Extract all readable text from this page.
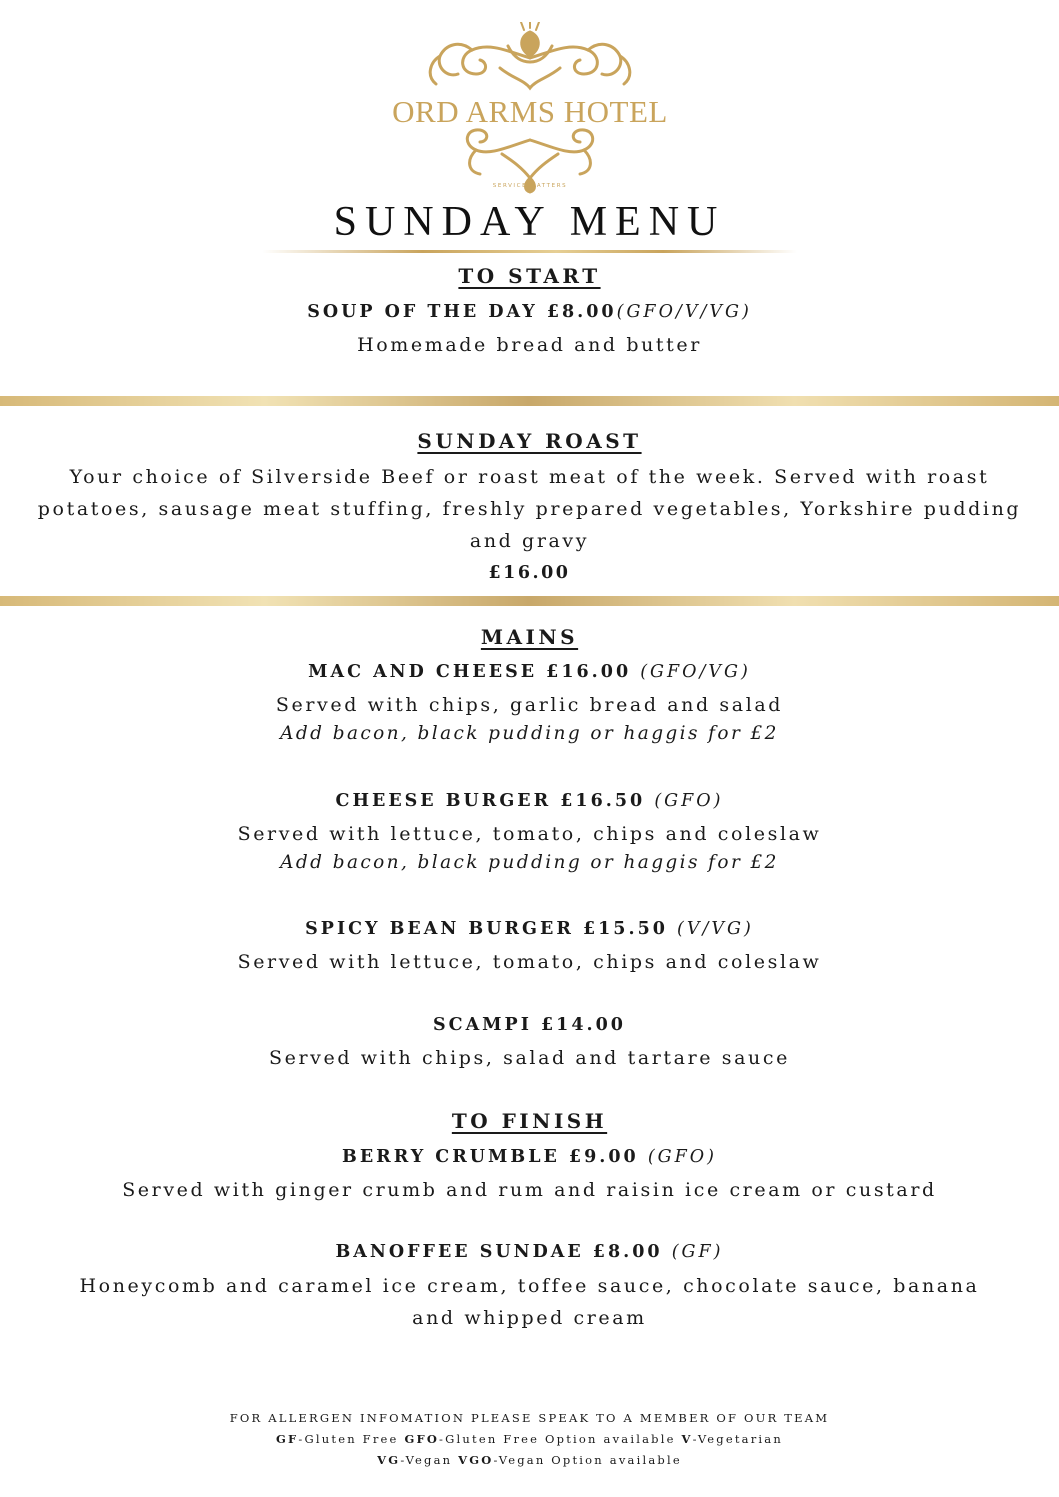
ORD ARMS HOTEL
SERVICE MATTERS
SUNDAY MENU
TO START
SOUP OF THE DAY £8.00(GFO/V/VG)
Homemade bread and butter
SUNDAY ROAST
Your choice of Silverside Beef or roast meat of the week. Served with roast
potatoes, sausage meat stuffing, freshly prepared vegetables, Yorkshire pudding
and gravy
£16.00
MAINS
MAC AND CHEESE £16.00 (GFO/VG)
Served with chips, garlic bread and salad
Add bacon, black pudding or haggis for £2
CHEESE BURGER £16.50 (GFO)
Served with lettuce, tomato, chips and coleslaw
Add bacon, black pudding or haggis for £2
SPICY BEAN BURGER £15.50 (V/VG)
Served with lettuce, tomato, chips and coleslaw
SCAMPI £14.00
Served with chips, salad and tartare sauce
TO FINISH
BERRY CRUMBLE £9.00 (GFO)
Served with ginger crumb and rum and raisin ice cream or custard
BANOFFEE SUNDAE £8.00 (GF)
Honeycomb and caramel ice cream, toffee sauce, chocolate sauce, banana
and whipped cream
FOR ALLERGEN INFOMATION PLEASE SPEAK TO A MEMBER OF OUR TEAM
GF-Gluten Free GFO-Gluten Free Option available V-Vegetarian
VG-Vegan VGO-Vegan Option available
